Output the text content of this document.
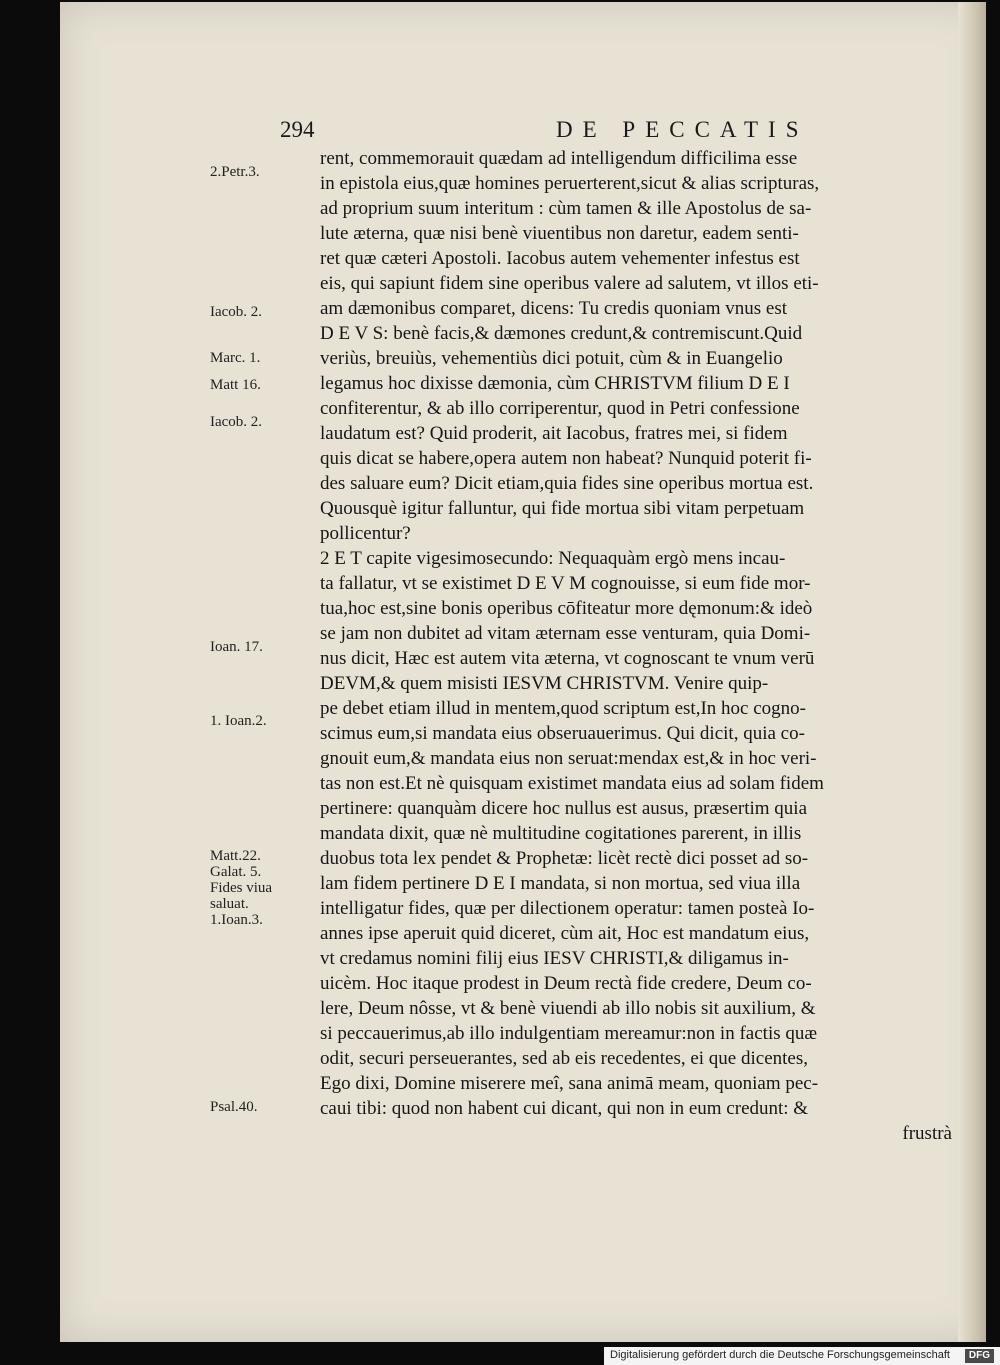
294	DE PECCATIS
2.Petr.3.
Iacob. 2.
Marc. 1.
Matt 16.
Iacob. 2.
Ioan. 17.
1. Ioan.2.
Matt.22.
Galat. 5.
Fides viua
saluat.
1.Ioan.3.
Psal.40.
rent, commemorauit quædam ad intelligendum difficilima esse
in epistola eius,quæ homines peruerterent,sicut & alias scripturas,
ad proprium suum interitum : cùm tamen & ille Apostolus de sa-
lute æterna, quæ nisi benè viuentibus non daretur, eadem senti-
ret quæ cæteri Apostoli. Iacobus autem vehementer infestus est
eis, qui sapiunt fidem sine operibus valere ad salutem, vt illos eti-
am dæmonibus comparet, dicens: Tu credis quoniam vnus est
D E V S: benè facis,& dæmones credunt,& contremiscunt.Quid
veriùs, breuiùs, vehementiùs dici potuit, cùm & in Euangelio
legamus hoc dixisse dæmonia, cùm CHRISTVM filium D E I
confiterentur, & ab illo corriperentur, quod in Petri confessione
laudatum est? Quid proderit, ait Iacobus, fratres mei, si fidem
quis dicat se habere,opera autem non habeat? Nunquid poterit fi-
des saluare eum? Dicit etiam,quia fides sine operibus mortua est.
Quousquè igitur falluntur, qui fide mortua sibi vitam perpetuam
pollicentur?
2 E T capite vigesimosecundo: Nequaquàm ergò mens incau-
ta fallatur, vt se existimet D E V M cognouisse, si eum fide mor-
tua,hoc est,sine bonis operibus cōfiteatur more dęmonum:& ideò
se jam non dubitet ad vitam æternam esse venturam, quia Domi-
nus dicit, Hæc est autem vita æterna, vt cognoscant te vnum verū
DEVM,& quem misisti IESVM CHRISTVM. Venire quip-
pe debet etiam illud in mentem,quod scriptum est,In hoc cogno-
scimus eum,si mandata eius obseruauerimus. Qui dicit, quia co-
gnouit eum,& mandata eius non seruat:mendax est,& in hoc veri-
tas non est.Et nè quisquam existimet mandata eius ad solam fidem
pertinere: quanquàm dicere hoc nullus est ausus, præsertim quia
mandata dixit, quæ nè multitudine cogitationes parerent, in illis
duobus tota lex pendet & Prophetæ: licèt rectè dici posset ad so-
lam fidem pertinere D E I mandata, si non mortua, sed viua illa
intelligatur fides, quæ per dilectionem operatur: tamen posteà Io-
annes ipse aperuit quid diceret, cùm ait, Hoc est mandatum eius,
vt credamus nomini filij eius IESV CHRISTI,& diligamus in-
uicèm. Hoc itaque prodest in Deum rectà fide credere, Deum co-
lere, Deum nôsse, vt & benè viuendi ab illo nobis sit auxilium, &
si peccauerimus,ab illo indulgentiam mereamur:non in factis quæ
odit, securi perseuerantes, sed ab eis recedentes, ei que dicentes,
Ego dixi, Domine miserere meî, sana animā meam, quoniam pec-
caui tibi: quod non habent cui dicant, qui non in eum credunt: &
frustrà
Digitalisierung gefördert durch die Deutsche Forschungsgemeinschaft	DFG
